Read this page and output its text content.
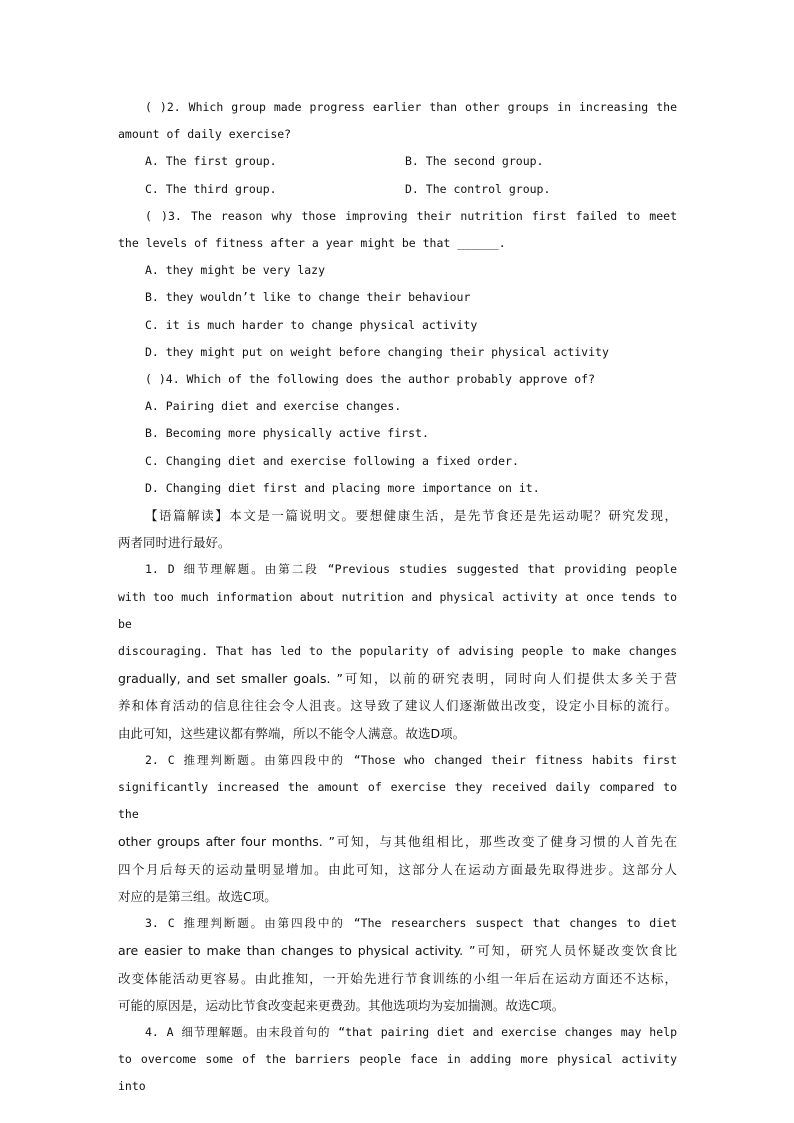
( )2. Which group made progress earlier than other groups in increasing the
amount of daily exercise?
A. The first group.	B. The second group.
C. The third group.	D. The control group.
( )3. The reason why those improving their nutrition first failed to meet
the levels of fitness after a year might be that ______.
A. they might be very lazy
B. they wouldn’t like to change their behaviour
C. it is much harder to change physical activity
D. they might put on weight before changing their physical activity
( )4. Which of the following does the author probably approve of?
A. Pairing diet and exercise changes.
B. Becoming more physically active first.
C. Changing diet and exercise following a fixed order.
D. Changing diet first and placing more importance on it.
【语篇解读】本文是一篇说明文。要想健康生活，是先节食还是先运动呢？研究发现，
两者同时进行最好。
1. D 细节理解题。由第二段 “Previous studies suggested that providing people
with too much information about nutrition and physical activity at once tends to be
discouraging. That has led to the popularity of advising people to make changes
gradually, and set smaller goals. ”可知，以前的研究表明，同时向人们提供太多关于营
养和体育活动的信息往往会令人沮丧。这导致了建议人们逐渐做出改变，设定小目标的流行。
由此可知，这些建议都有弊端，所以不能令人满意。故选D项。
2. C 推理判断题。由第四段中的 “Those who changed their fitness habits first
significantly increased the amount of exercise they received daily compared to the
other groups after four months. ”可知，与其他组相比，那些改变了健身习惯的人首先在
四个月后每天的运动量明显增加。由此可知，这部分人在运动方面最先取得进步。这部分人
对应的是第三组。故选C项。
3. C 推理判断题。由第四段中的 “The researchers suspect that changes to diet
are easier to make than changes to physical activity. ”可知，研究人员怀疑改变饮食比
改变体能活动更容易。由此推知，一开始先进行节食训练的小组一年后在运动方面还不达标，
可能的原因是，运动比节食改变起来更费劲。其他选项均为妄加揣测。故选C项。
4. A 细节理解题。由末段首句的 “that pairing diet and exercise changes may help
to overcome some of the barriers people face in adding more physical activity into
